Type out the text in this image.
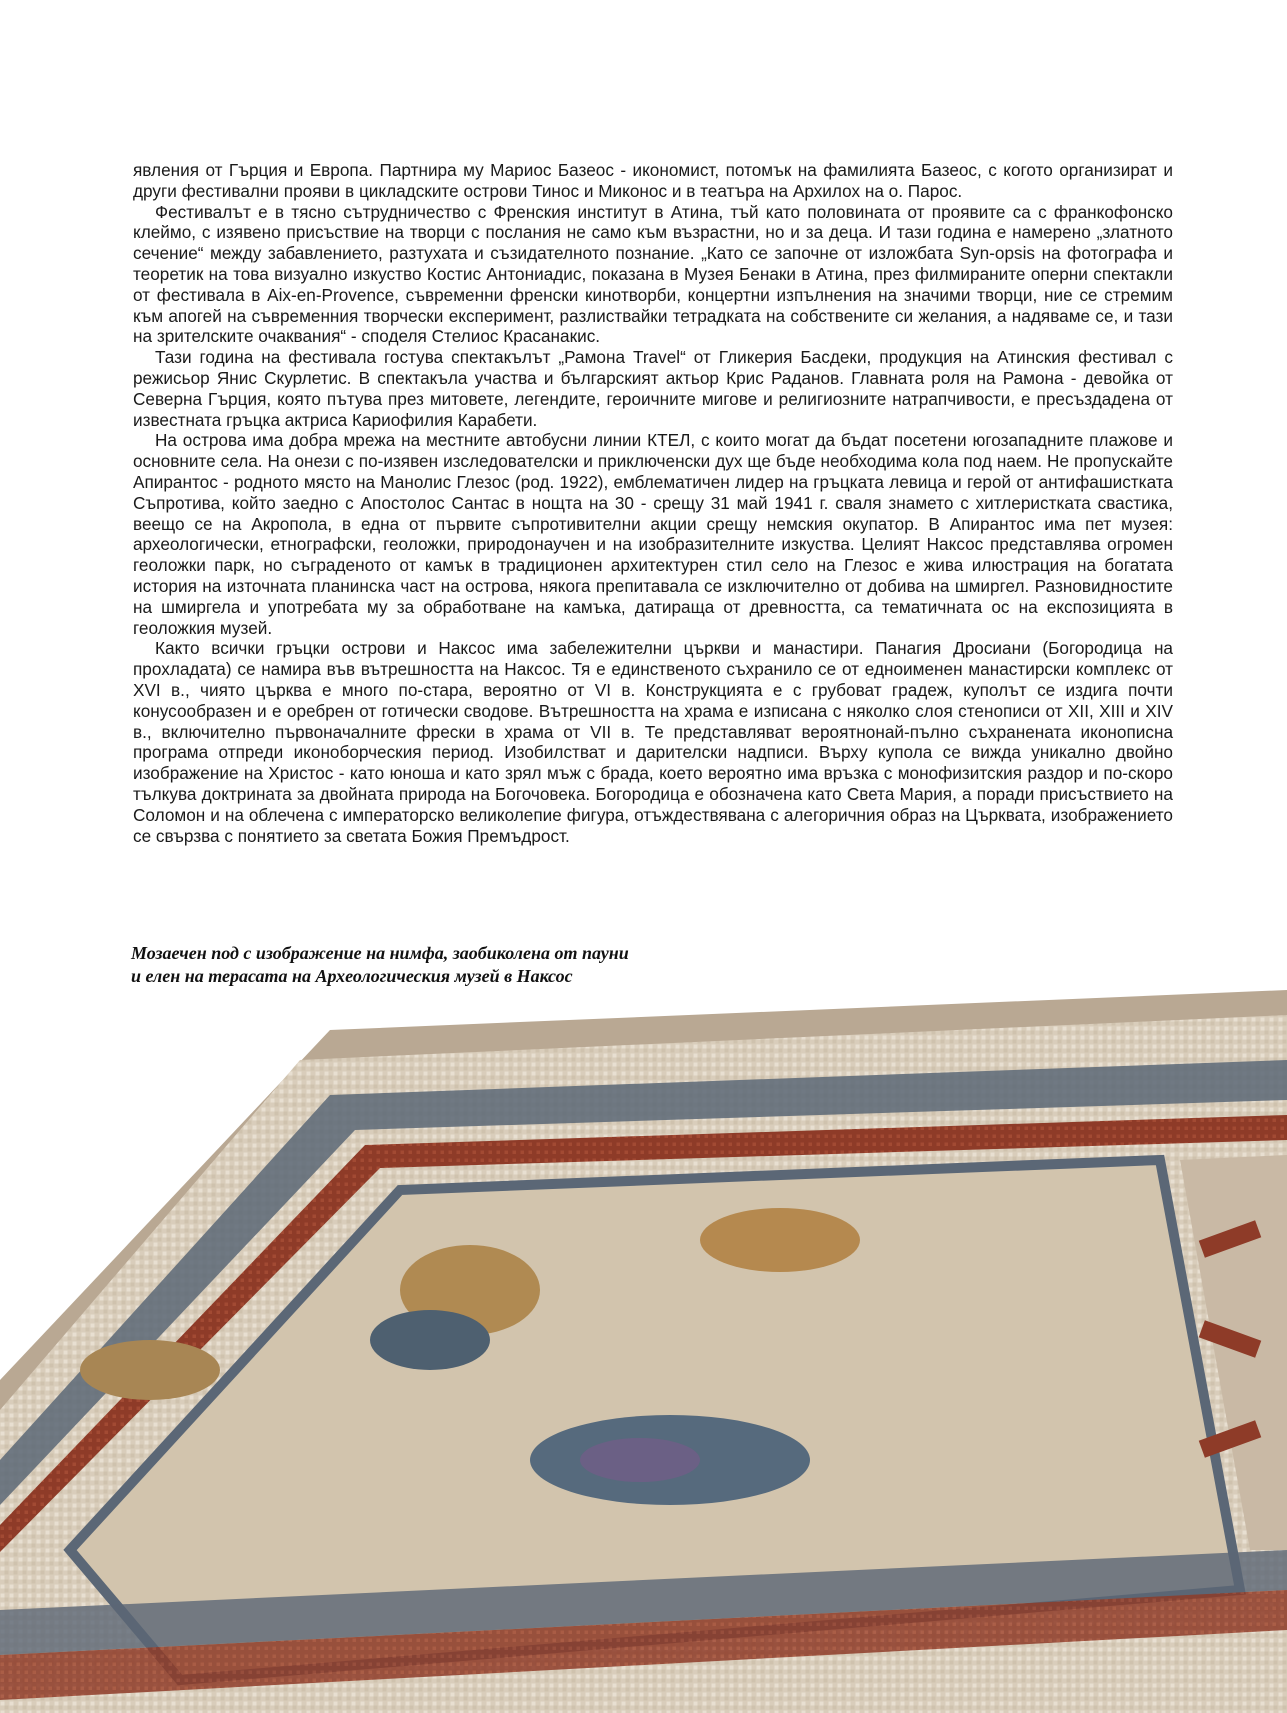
явления от Гърция и Европа. Партнира му Мариос Базеос - икономист, потомък на фамилията Базеос, с когото организират и други фестивални прояви в цикладските острови Тинос и Миконос и в театъра на Архилох на о. Парос.

Фестивалът е в тясно сътрудничество с Френския институт в Атина, тъй като половината от проявите са с франкофонско клеймо, с изявено присъствие на творци с послания не само към възрастни, но и за деца. И тази година е намерено „златното сечение“ между забавлението, разтухата и съзидателното познание. „Като се започне от изложбата Syn-opsis на фотографа и теоретик на това визуално изкуство Костис Антониадис, показана в Музея Бенаки в Атина, през филмираните оперни спектакли от фестивала в Aix-en-Provence, съвременни френски кинотворби, концертни изпълнения на значими творци, ние се стремим към апогей на съвременния творчески експеримент, разлиствайки тетрадката на собствените си желания, а надяваме се, и тази на зрителските очаквания“ - споделя Стелиос Красанакис.

Тази година на фестивала гостува спектакълът „Рамона Travel“ от Гликерия Басдеки, продукция на Атинския фестивал с режисьор Янис Скурлетис. В спектакъла участва и българският актьор Крис Раданов. Главната роля на Рамона - девойка от Северна Гърция, която пътува през митовете, легендите, героичните мигове и религиозните натрапчивости, е пресъздадена от известната гръцка актриса Кариофилия Карабети.

На острова има добра мрежа на местните автобусни линии КТЕЛ, с които могат да бъдат посетени югозападните плажове и основните села. На онези с по-изявен изследователски и приключенски дух ще бъде необходима кола под наем. Не пропускайте Апирантос - родното място на Манолис Глезос (род. 1922), емблематичен лидер на гръцката левица и герой от антифашистката Съпротива, който заедно с Апостолос Сантас в нощта на 30 - срещу 31 май 1941 г. сваля знамето с хитлеристката свастика, веещо се на Акропола, в една от първите съпротивителни акции срещу немския окупатор. В Апирантос има пет музея: археологически, етнографски, геоложки, природонаучен и на изобразителните изкуства. Целият Наксос представлява огромен геоложки парк, но съграденото от камък в традиционен архитектурен стил село на Глезос е жива илюстрация на богатата история на източната планинска част на острова, някога препитавала се изключително от добива на шмиргел. Разновидностите на шмиргела и употребата му за обработване на камъка, датираща от древността, са тематичната ос на експозицията в геоложкия музей.

Както всички гръцки острови и Наксос има забележителни църкви и манастири. Панагия Дросиани (Богородица на прохладата) се намира във вътрешността на Наксос. Тя е единственото съхранило се от едноименен манастирски комплекс от XVI в., чиято църква е много по-стара, вероятно от VI в. Конструкцията е с грубоват градеж, куполът се издига почти конусообразен и е оребрен от готически сводове. Вътрешността на храма е изписана с няколко слоя стенописи от XII, XIII и XIV в., включително първоначалните фрески в храма от VII в. Те представляват вероятнонай-пълно съхранената иконописна програма отпреди иконоборческия период. Изобилстват и дарителски надписи. Върху купола се вижда уникално двойно изображение на Христос - като юноша и като зрял мъж с брада, което вероятно има връзка с монофизитския раздор и по-скоро тълкува доктрината за двойната природа на Богочовека. Богородица е обозначена като Света Мария, а поради присъствието на Соломон и на облечена с императорско великолепие фигура, отъждествявана с алегоричния образ на Църквата, изображението се свързва с понятието за светата Божия Премъдрост.

Мозаечен под с изображение на нимфа, заобиколена от пауни
и елен на терасата на Археологическия музей в Наксос
